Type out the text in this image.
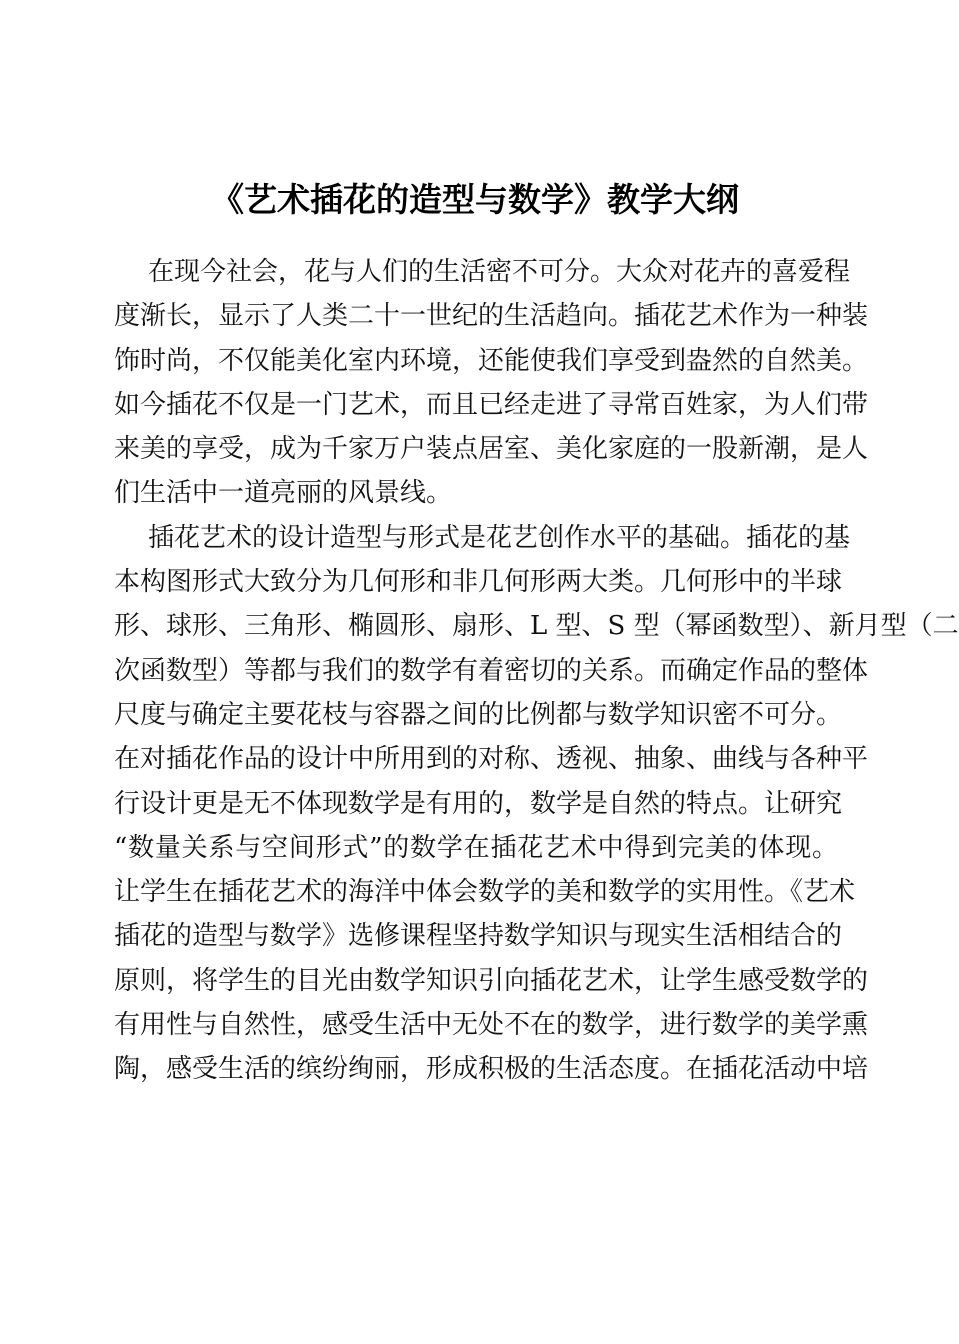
《艺术插花的造型与数学》教学大纲
在现今社会，花与人们的生活密不可分。大众对花卉的喜爱程
度渐长，显示了人类二十一世纪的生活趋向。插花艺术作为一种装
饰时尚，不仅能美化室内环境，还能使我们享受到盎然的自然美。
如今插花不仅是一门艺术，而且已经走进了寻常百姓家，为人们带
来美的享受，成为千家万户装点居室、美化家庭的一股新潮，是人
们生活中一道亮丽的风景线。
插花艺术的设计造型与形式是花艺创作水平的基础。插花的基
本构图形式大致分为几何形和非几何形两大类。几何形中的半球
形、球形、三角形、椭圆形、扇形、L 型、S 型（幂函数型）、新月型（二
次函数型）等都与我们的数学有着密切的关系。而确定作品的整体
尺度与确定主要花枝与容器之间的比例都与数学知识密不可分。
在对插花作品的设计中所用到的对称、透视、抽象、曲线与各种平
行设计更是无不体现数学是有用的，数学是自然的特点。让研究
“数量关系与空间形式”的数学在插花艺术中得到完美的体现。
让学生在插花艺术的海洋中体会数学的美和数学的实用性。《艺术
插花的造型与数学》选修课程坚持数学知识与现实生活相结合的
原则，将学生的目光由数学知识引向插花艺术，让学生感受数学的
有用性与自然性，感受生活中无处不在的数学，进行数学的美学熏
陶，感受生活的缤纷绚丽，形成积极的生活态度。在插花活动中培
